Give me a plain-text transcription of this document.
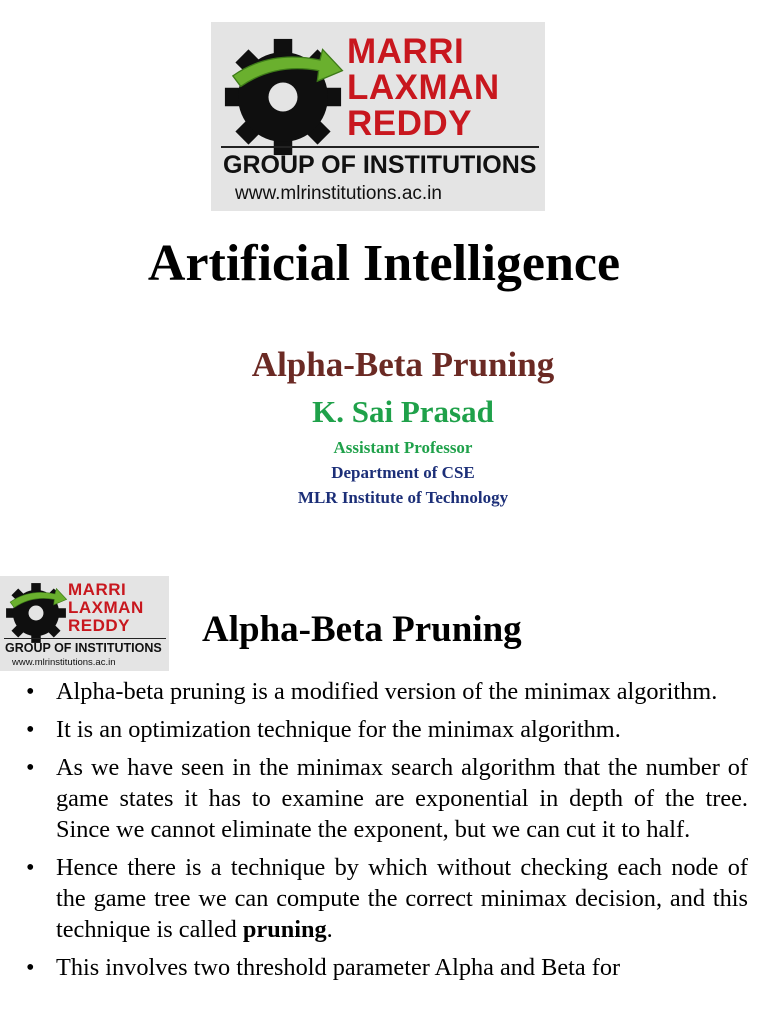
MARRI
LAXMAN
REDDY
GROUP OF INSTITUTIONS
www.mlrinstitutions.ac.in
Artificial Intelligence
Alpha-Beta Pruning
K. Sai Prasad
Assistant Professor
Department of CSE
MLR Institute of Technology
MARRI
LAXMAN
REDDY
GROUP OF INSTITUTIONS
www.mlrinstitutions.ac.in
Alpha-Beta Pruning
• Alpha-beta pruning is a modified version of the minimax algorithm.
• It is an optimization technique for the minimax algorithm.
• As we have seen in the minimax search algorithm that the number of game states it has to examine are exponential in depth of the tree. Since we cannot eliminate the exponent, but we can cut it to half.
• Hence there is a technique by which without checking each node of the game tree we can compute the correct minimax decision, and this technique is called pruning.
• This involves two threshold parameter Alpha and Beta for
